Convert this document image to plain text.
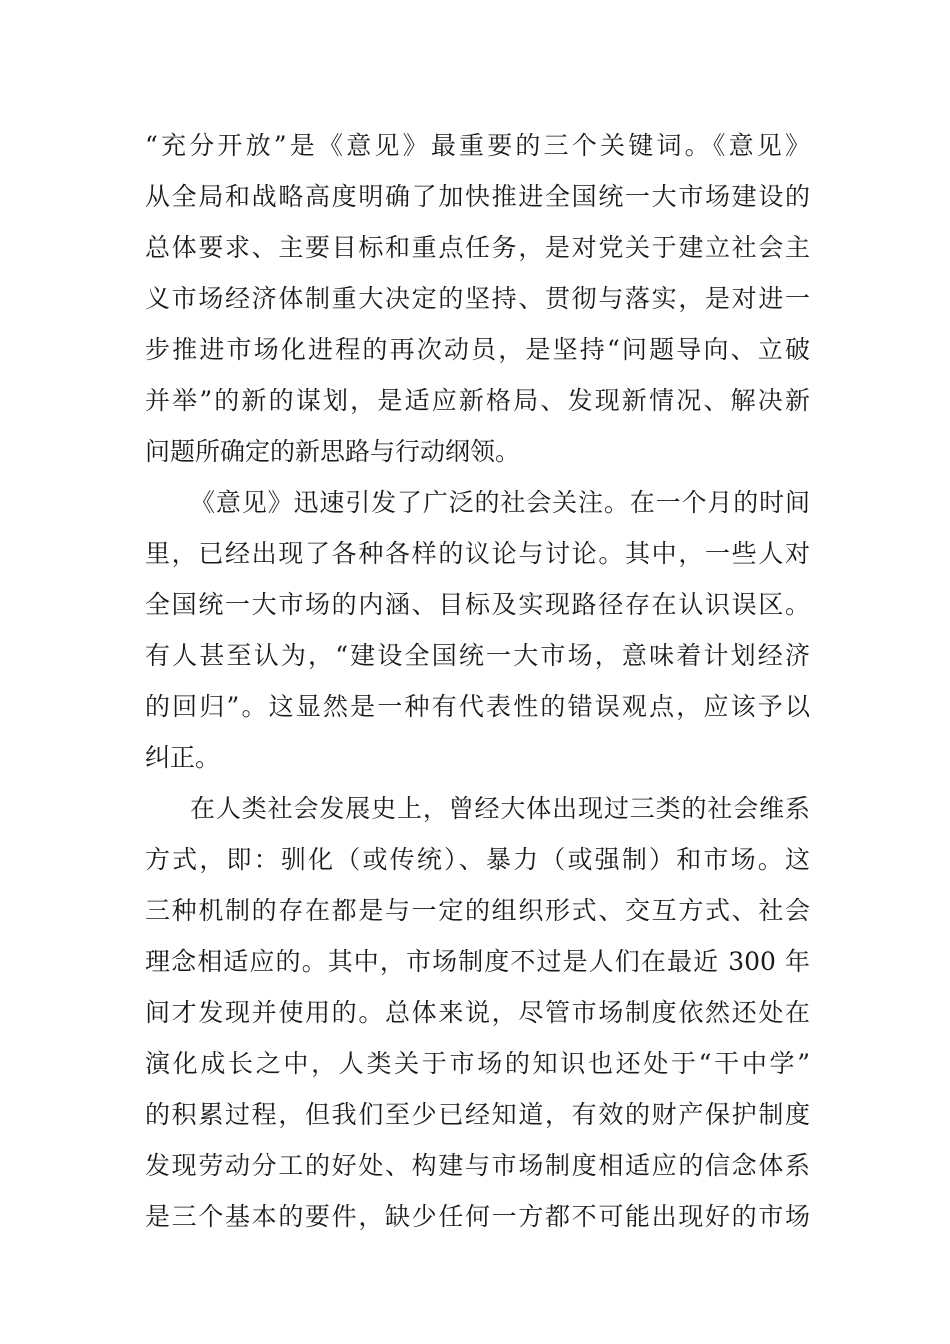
“充分开放”是《意见》最重要的三个关键词。《意见》
从全局和战略高度明确了加快推进全国统一大市场建设的
总体要求、主要目标和重点任务，是对党关于建立社会主
义市场经济体制重大决定的坚持、贯彻与落实，是对进一
步推进市场化进程的再次动员，是坚持“问题导向、立破
并举”的新的谋划，是适应新格局、发现新情况、解决新
问题所确定的新思路与行动纲领。
《意见》迅速引发了广泛的社会关注。在一个月的时间
里，已经出现了各种各样的议论与讨论。其中，一些人对
全国统一大市场的内涵、目标及实现路径存在认识误区。
有人甚至认为，“建设全国统一大市场，意味着计划经济
的回归”。这显然是一种有代表性的错误观点，应该予以
纠正。
在人类社会发展史上，曾经大体出现过三类的社会维系
方式，即：驯化（或传统）、暴力（或强制）和市场。这
三种机制的存在都是与一定的组织形式、交互方式、社会
理念相适应的。其中，市场制度不过是人们在最近 300 年
间才发现并使用的。总体来说，尽管市场制度依然还处在
演化成长之中，人类关于市场的知识也还处于“干中学”
的积累过程，但我们至少已经知道，有效的财产保护制度
发现劳动分工的好处、构建与市场制度相适应的信念体系
是三个基本的要件，缺少任何一方都不可能出现好的市场
